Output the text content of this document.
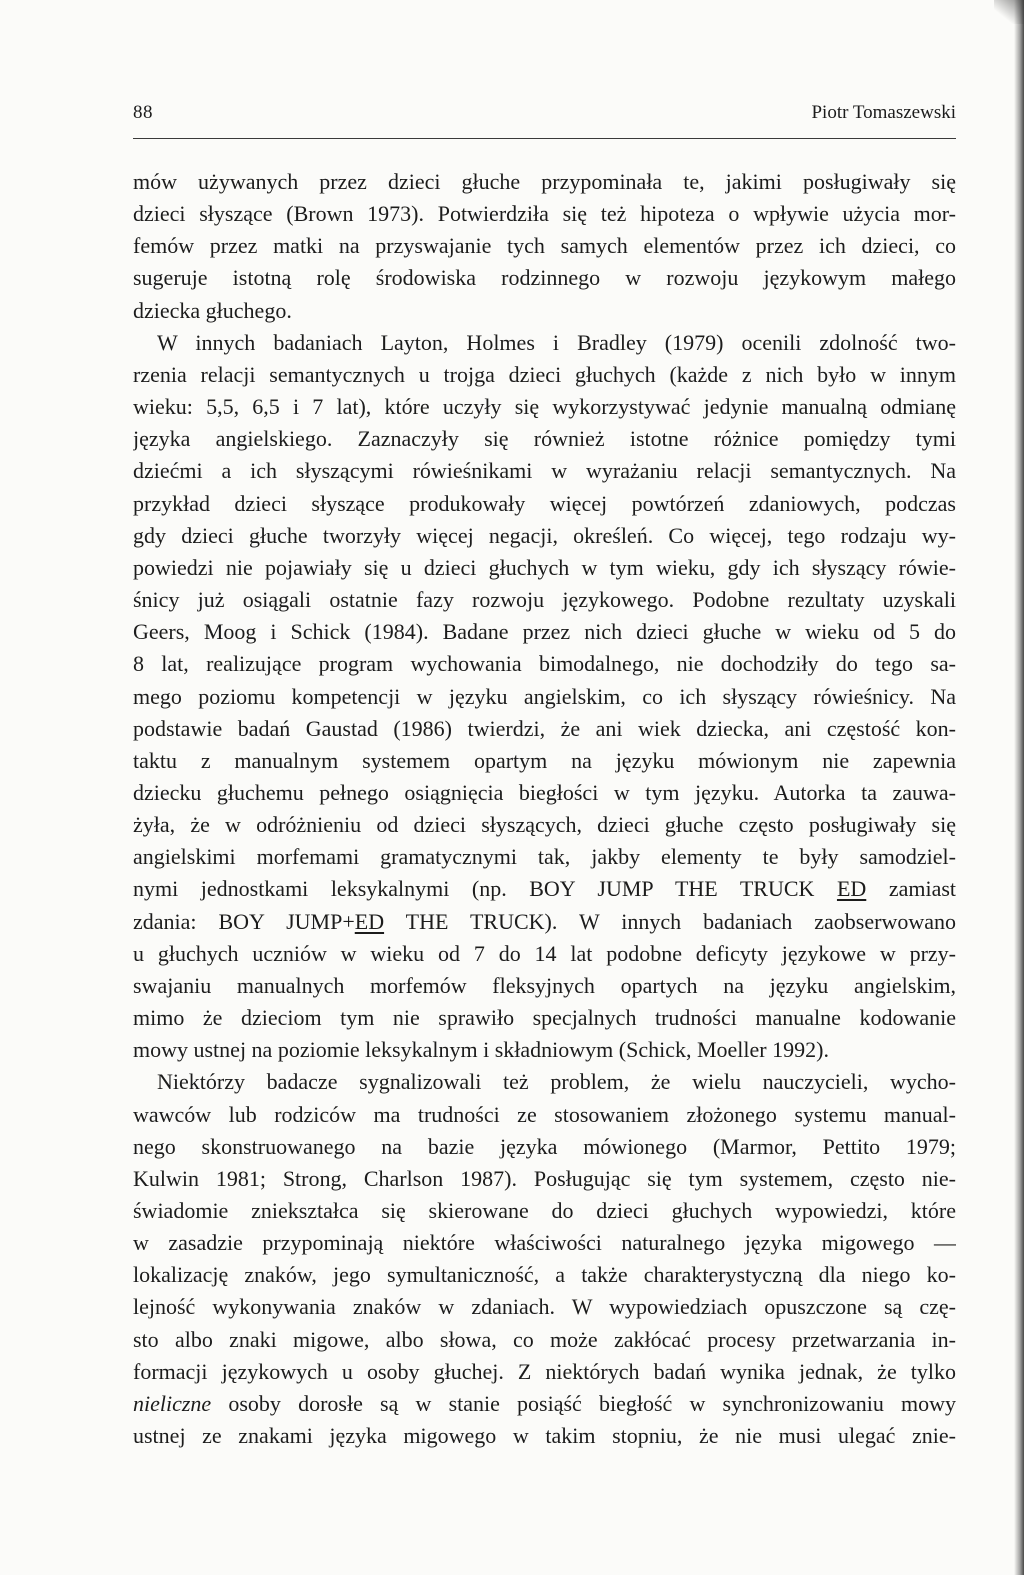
88	Piotr Tomaszewski
mów używanych przez dzieci głuche przypominała te, jakimi posługiwały się
dzieci słyszące (Brown 1973). Potwierdziła się też hipoteza o wpływie użycia mor-
femów przez matki na przyswajanie tych samych elementów przez ich dzieci, co
sugeruje istotną rolę środowiska rodzinnego w rozwoju językowym małego
dziecka głuchego.
W innych badaniach Layton, Holmes i Bradley (1979) ocenili zdolność two-
rzenia relacji semantycznych u trojga dzieci głuchych (każde z nich było w innym
wieku: 5,5, 6,5 i 7 lat), które uczyły się wykorzystywać jedynie manualną odmianę
języka angielskiego. Zaznaczyły się również istotne różnice pomiędzy tymi
dziećmi a ich słyszącymi rówieśnikami w wyrażaniu relacji semantycznych. Na
przykład dzieci słyszące produkowały więcej powtórzeń zdaniowych, podczas
gdy dzieci głuche tworzyły więcej negacji, określeń. Co więcej, tego rodzaju wy-
powiedzi nie pojawiały się u dzieci głuchych w tym wieku, gdy ich słyszący rówie-
śnicy już osiągali ostatnie fazy rozwoju językowego. Podobne rezultaty uzyskali
Geers, Moog i Schick (1984). Badane przez nich dzieci głuche w wieku od 5 do
8 lat, realizujące program wychowania bimodalnego, nie dochodziły do tego sa-
mego poziomu kompetencji w języku angielskim, co ich słyszący rówieśnicy. Na
podstawie badań Gaustad (1986) twierdzi, że ani wiek dziecka, ani częstość kon-
taktu z manualnym systemem opartym na języku mówionym nie zapewnia
dziecku głuchemu pełnego osiągnięcia biegłości w tym języku. Autorka ta zauwa-
żyła, że w odróżnieniu od dzieci słyszących, dzieci głuche często posługiwały się
angielskimi morfemami gramatycznymi tak, jakby elementy te były samodziel-
nymi jednostkami leksykalnymi (np. BOY JUMP THE TRUCK ED zamiast
zdania: BOY JUMP+ED THE TRUCK). W innych badaniach zaobserwowano
u głuchych uczniów w wieku od 7 do 14 lat podobne deficyty językowe w przy-
swajaniu manualnych morfemów fleksyjnych opartych na języku angielskim,
mimo że dzieciom tym nie sprawiło specjalnych trudności manualne kodowanie
mowy ustnej na poziomie leksykalnym i składniowym (Schick, Moeller 1992).
Niektórzy badacze sygnalizowali też problem, że wielu nauczycieli, wycho-
wawców lub rodziców ma trudności ze stosowaniem złożonego systemu manual-
nego skonstruowanego na bazie języka mówionego (Marmor, Pettito 1979;
Kulwin 1981; Strong, Charlson 1987). Posługując się tym systemem, często nie-
świadomie zniekształca się skierowane do dzieci głuchych wypowiedzi, które
w zasadzie przypominają niektóre właściwości naturalnego języka migowego —
lokalizację znaków, jego symultaniczność, a także charakterystyczną dla niego ko-
lejność wykonywania znaków w zdaniach. W wypowiedziach opuszczone są czę-
sto albo znaki migowe, albo słowa, co może zakłócać procesy przetwarzania in-
formacji językowych u osoby głuchej. Z niektórych badań wynika jednak, że tylko
nieliczne osoby dorosłe są w stanie posiąść biegłość w synchronizowaniu mowy
ustnej ze znakami języka migowego w takim stopniu, że nie musi ulegać znie-
